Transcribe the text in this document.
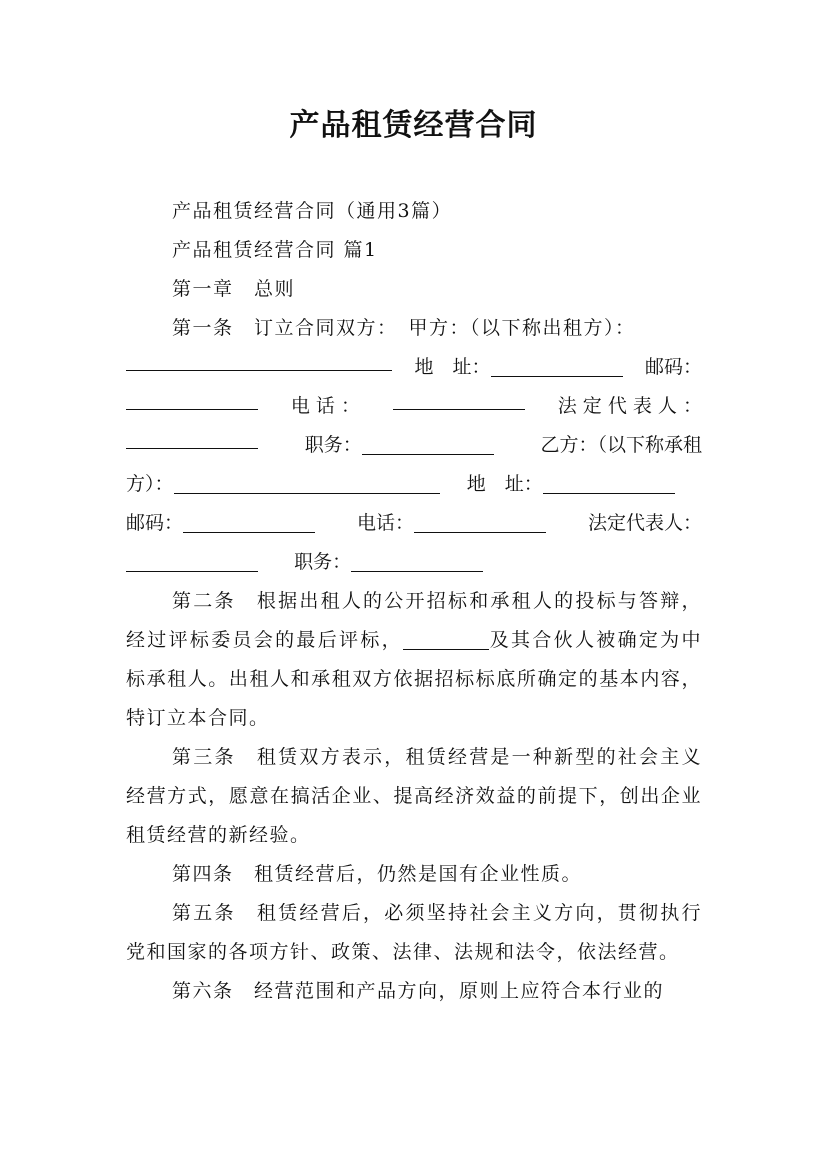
产品租赁经营合同

产品租赁经营合同（通用3篇）

产品租赁经营合同 篇1

第一章　总则

第一条　订立合同双方：　甲方：（以下称出租方）：

地　址：	邮码：
电 话 ：	法 定 代 表 人 ：
职务：	乙方：（以下称承租
方）：	地　址：
邮码：	电话：	法定代表人：
职务：

第二条　根据出租人的公开招标和承租人的投标与答辩，经过评标委员会的最后评标，	及其合伙人被确定为中标承租人。出租人和承租双方依据招标标底所确定的基本内容，特订立本合同。

第三条　租赁双方表示，租赁经营是一种新型的社会主义经营方式，愿意在搞活企业、提高经济效益的前提下，创出企业租赁经营的新经验。

第四条　租赁经营后，仍然是国有企业性质。

第五条　租赁经营后，必须坚持社会主义方向，贯彻执行党和国家的各项方针、政策、法律、法规和法令，依法经营。

第六条　经营范围和产品方向，原则上应符合本行业的
